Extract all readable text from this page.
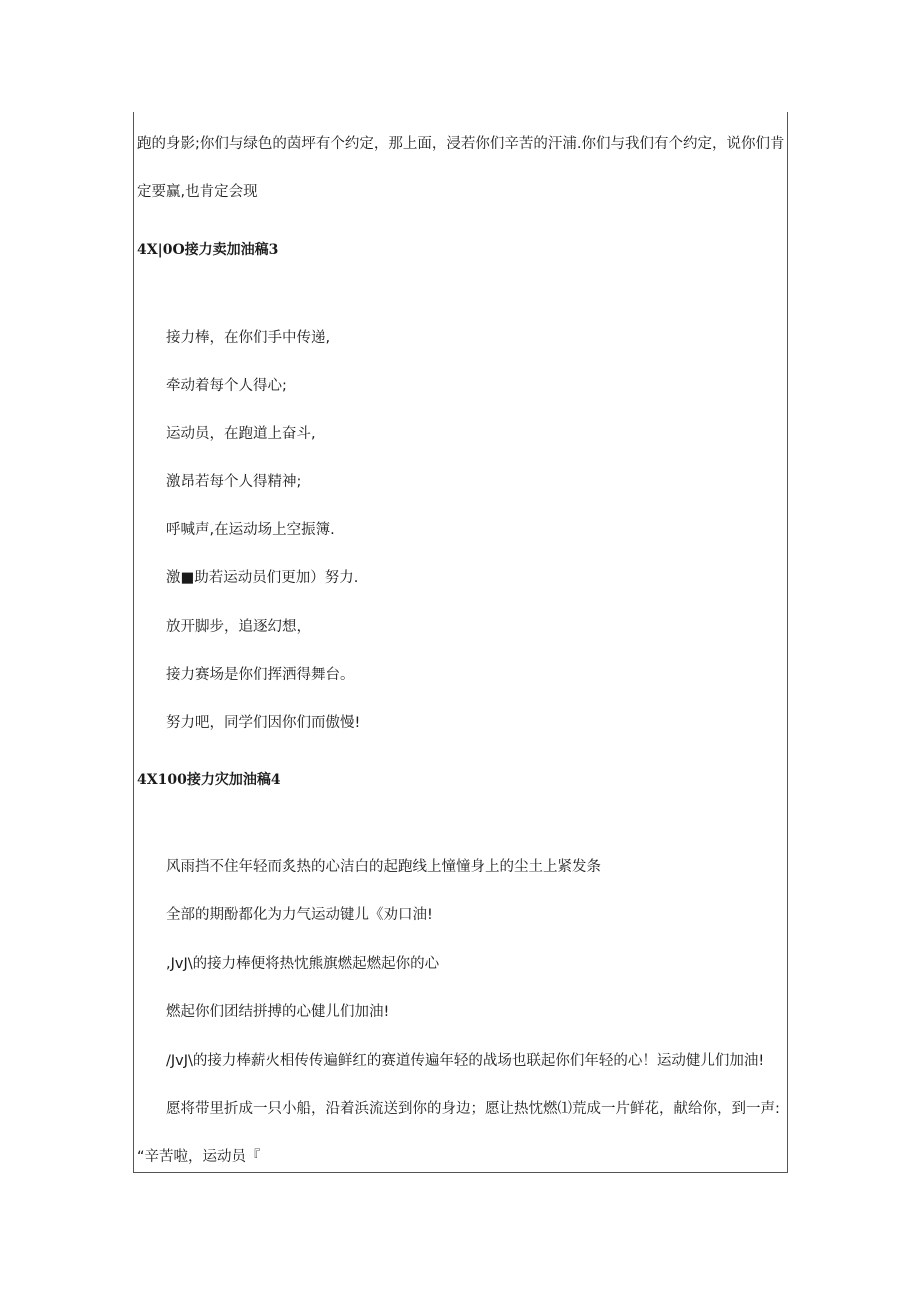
跑的身影;你们与绿色的茵坪有个约定，那上面，浸若你们辛苦的汗浦.你们与我们有个约定，说你们肯
定要赢,也肯定会现
4X|0O接力卖加油稿3
接力棒，在你们手中传递,
牵动着每个人得心;
运动员，在跑道上奋斗,
激昂若每个人得精神;
呼喊声,在运动场上空振簿.
激■助若运动员们更加）努力.
放开脚步，追逐幻想，
接力赛场是你们挥洒得舞台。
努力吧，同学们因你们而傲慢!
4X100接力灾加油稿4
风雨挡不住年轻而炙热的心洁白的起跑线上憧憧身上的尘土上紧发条
全部的期酚都化为力气运动键儿《劝口油!
,JvJ\的接力棒便将热忱熊旗燃起燃起你的心
燃起你们团结拼搏的心健儿们加油!
/JvJ\的接力棒薪火相传传遍鲜红的赛道传遍年轻的战场也联起你们年轻的心！运动健儿们加油!
愿将带里折成一只小船，沿着浜流送到你的身边；愿让热忱燃⑴荒成一片鲜花，献给你，到一声:
“辛苦啦，运动员『
